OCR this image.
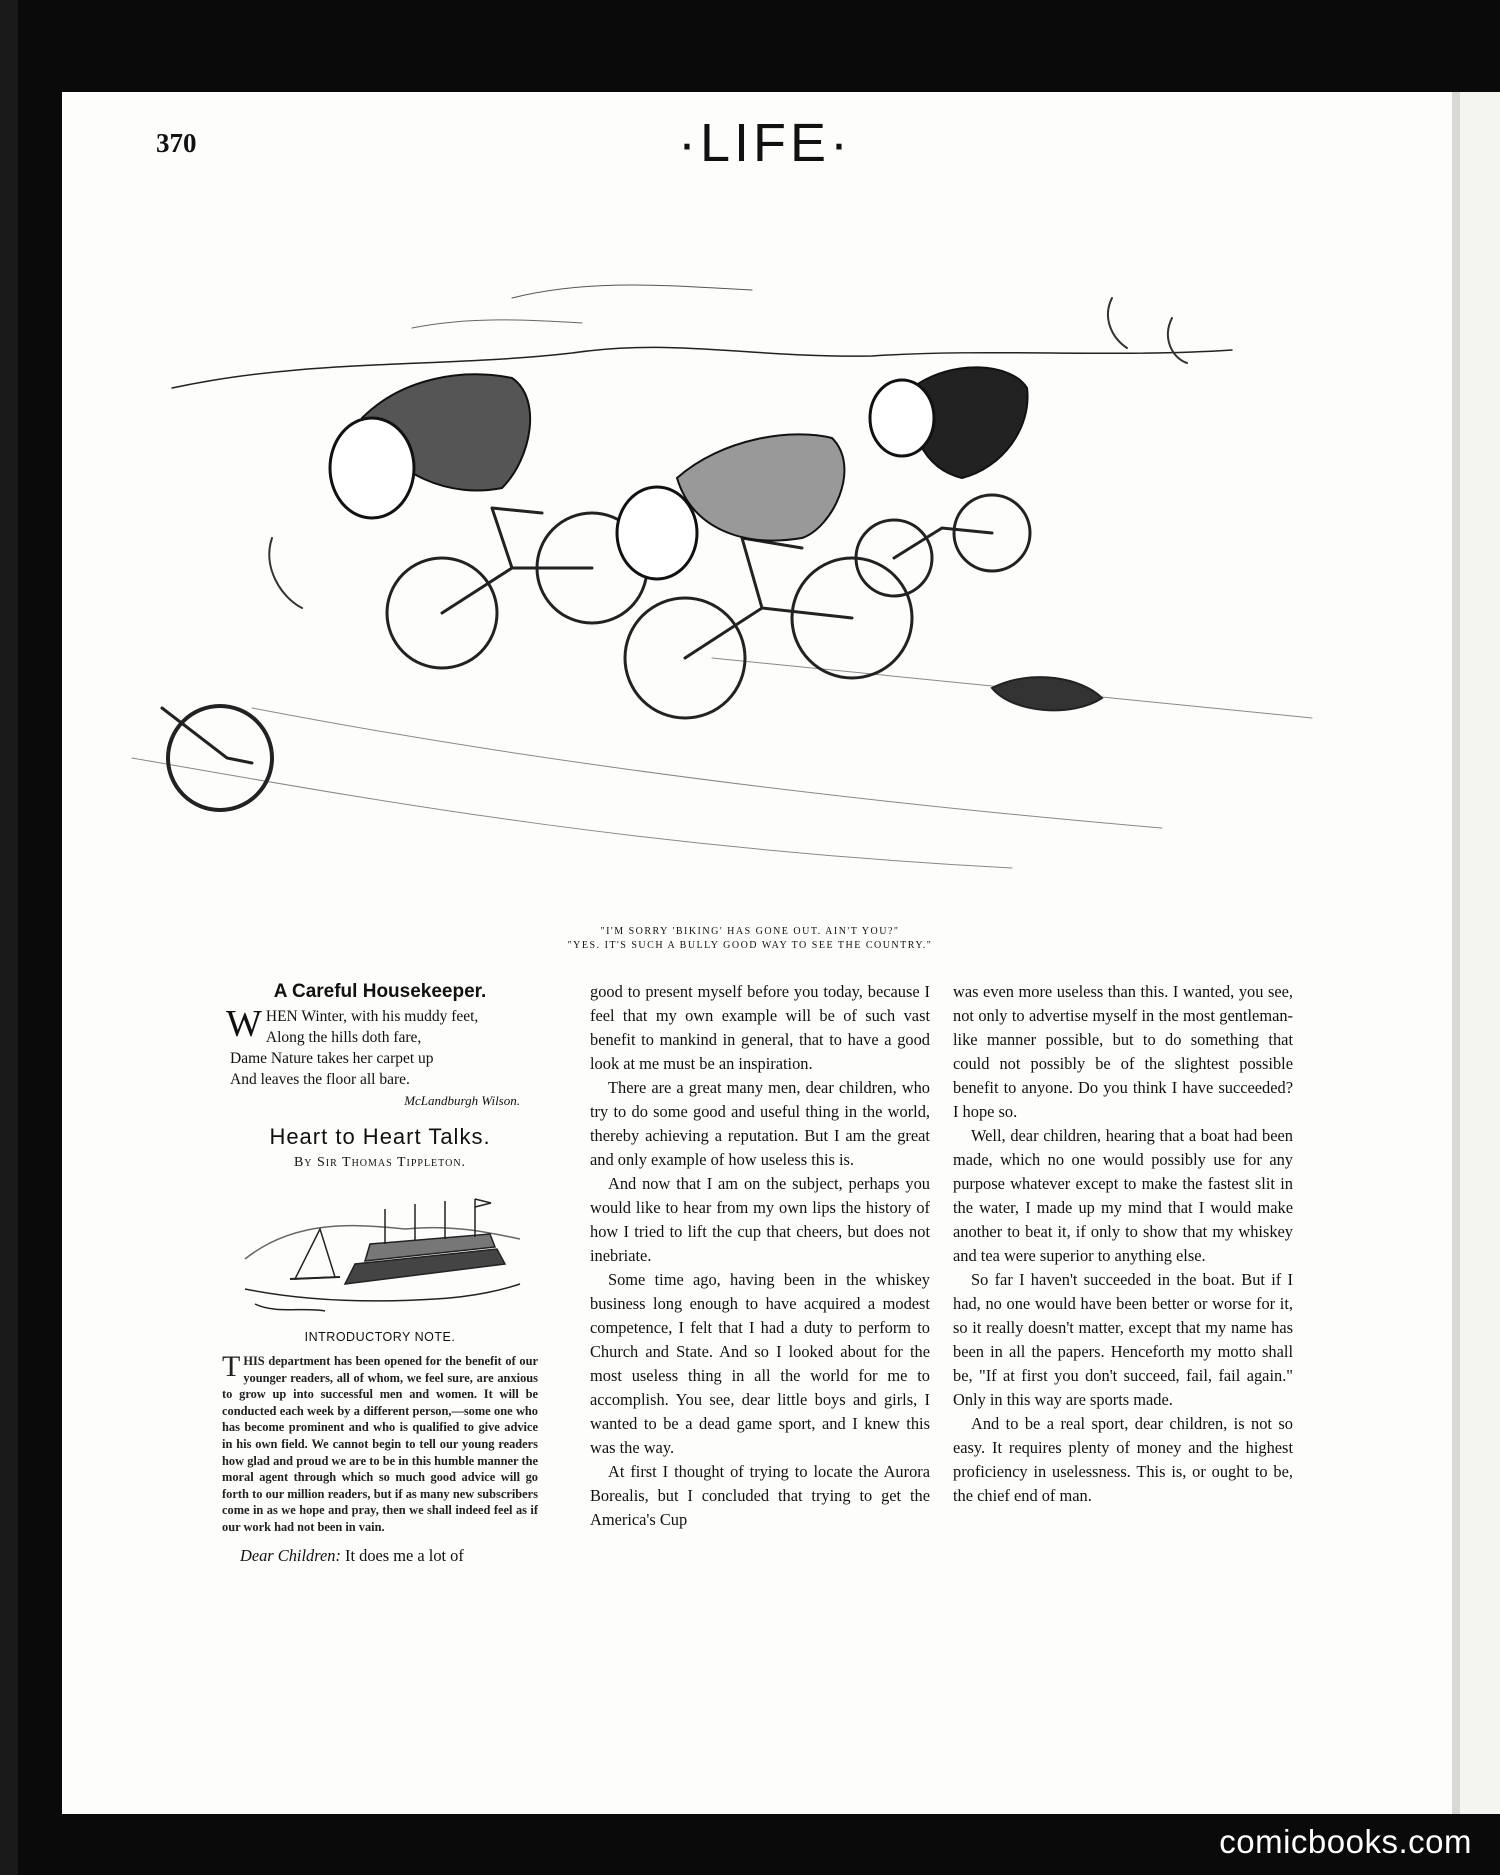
370	·LIFE·
"I'M SORRY 'BIKING' HAS GONE OUT. AIN'T YOU?"
"YES. IT'S SUCH A BULLY GOOD WAY TO SEE THE COUNTRY."
A Careful Housekeeper.
W HEN Winter, with his muddy feet,
Along the hills doth fare,
Dame Nature takes her carpet up
And leaves the floor all bare.
McLandburgh Wilson.
Heart to Heart Talks.
By Sir Thomas Tippleton.
INTRODUCTORY NOTE.

THIS department has been opened for the benefit of our younger readers, all of whom, we feel sure, are anxious to grow up into successful men and women. It will be conducted each week by a different person,—some one who has become prominent and who is qualified to give advice in his own field. We cannot begin to tell our young readers how glad and proud we are to be in this humble manner the moral agent through which so much good advice will go forth to our million readers, but if as many new subscribers come in as we hope and pray, then we shall indeed feel as if our work had not been in vain.

Dear Children: It does me a lot of

good to present myself before you today, because I feel that my own example will be of such vast benefit to mankind in general, that to have a good look at me must be an inspiration.

There are a great many men, dear children, who try to do some good and useful thing in the world, thereby achieving a reputation. But I am the great and only example of how useless this is.

And now that I am on the subject, perhaps you would like to hear from my own lips the history of how I tried to lift the cup that cheers, but does not inebriate.

Some time ago, having been in the whiskey business long enough to have acquired a modest competence, I felt that I had a duty to perform to Church and State. And so I looked about for the most useless thing in all the world for me to accomplish. You see, dear little boys and girls, I wanted to be a dead game sport, and I knew this was the way.

At first I thought of trying to locate the Aurora Borealis, but I concluded that trying to get the America's Cup

was even more useless than this. I wanted, you see, not only to advertise myself in the most gentleman-like manner possible, but to do something that could not possibly be of the slightest possible benefit to anyone. Do you think I have succeeded? I hope so.

Well, dear children, hearing that a boat had been made, which no one would possibly use for any purpose whatever except to make the fastest slit in the water, I made up my mind that I would make another to beat it, if only to show that my whiskey and tea were superior to anything else.

So far I haven't succeeded in the boat. But if I had, no one would have been better or worse for it, so it really doesn't matter, except that my name has been in all the papers. Henceforth my motto shall be, "If at first you don't succeed, fail, fail again." Only in this way are sports made.

And to be a real sport, dear children, is not so easy. It requires plenty of money and the highest proficiency in uselessness. This is, or ought to be, the chief end of man.

comicbooks.com
